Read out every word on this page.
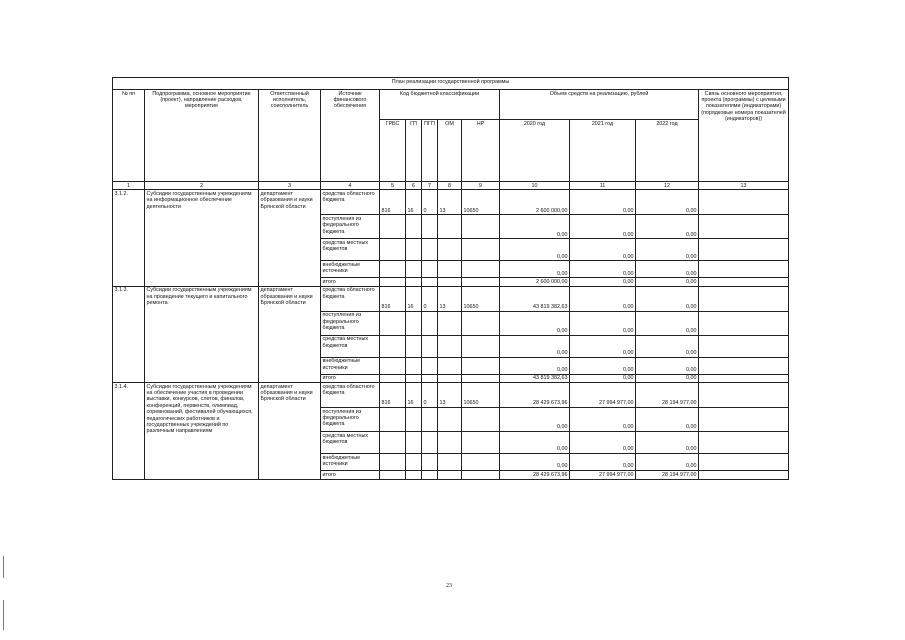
План реализации государственной программы												
№ пп	Подпрограмма, основное мероприятие (проект), направление расходов, мероприятие	Ответственный исполнитель, соисполнитель	Источник финансового обеспечения	Код бюджетной классификации					Объем средств на реализацию, рублей			Связь основного мероприятия, проекта (программы) с целевыми показателями (индикаторами) (порядковые номера показателей (индикаторов))
				ГРБС	ГП	ПГП	ОМ	НР	2020 год	2021 год	2022 год	
1	2	3	4	5	6	7	8	9	10	11	12	13
3.1.2.	Субсидии государственным учреждениям на информационное обеспечение деятельности	департамент образования и науки Брянской области	средства областного бюджета	816	16	0	13	10650	2 600 000,00	0,00	0,00	
			поступления из федерального бюджета						0,00	0,00	0,00	
			средства местных бюджетов						0,00	0,00	0,00	
			внебюджетные источники						0,00	0,00	0,00	
			итого						2 600 000,00	0,00	0,00	
3.1.3.	Субсидии государственным учреждениям на проведение текущего и капитального ремонта	департамент образования и науки Брянской области	средства областного бюджета	816	16	0	13	10650	43 819 382,63	0,00	0,00	
			поступления из федерального бюджета						0,00	0,00	0,00	
			средства местных бюджетов						0,00	0,00	0,00	
			внебюджетные источники						0,00	0,00	0,00	
			итого						43 819 382,63	0,00	0,00	
3.1.4.	Субсидии государственным учреждениям на обеспечение участия в проведении выставки, конкурсов, слетов, финалов, конференций, первенств, олимпиад, соревнований, фестивалей обучающихся, педагогических работников и государственных учреждений по различным направлениям	департамент образования и науки Брянской области	средства областного бюджета	816	16	0	13	10650	28 429 673,96	27 994 977,00	28 194 977,00	
			поступления из федерального бюджета						0,00	0,00	0,00	
			средства местных бюджетов						0,00	0,00	0,00	
			внебюджетные источники						0,00	0,00	0,00	
			итого						28 429 673,96	27 994 977,00	28 194 977,00	
23
